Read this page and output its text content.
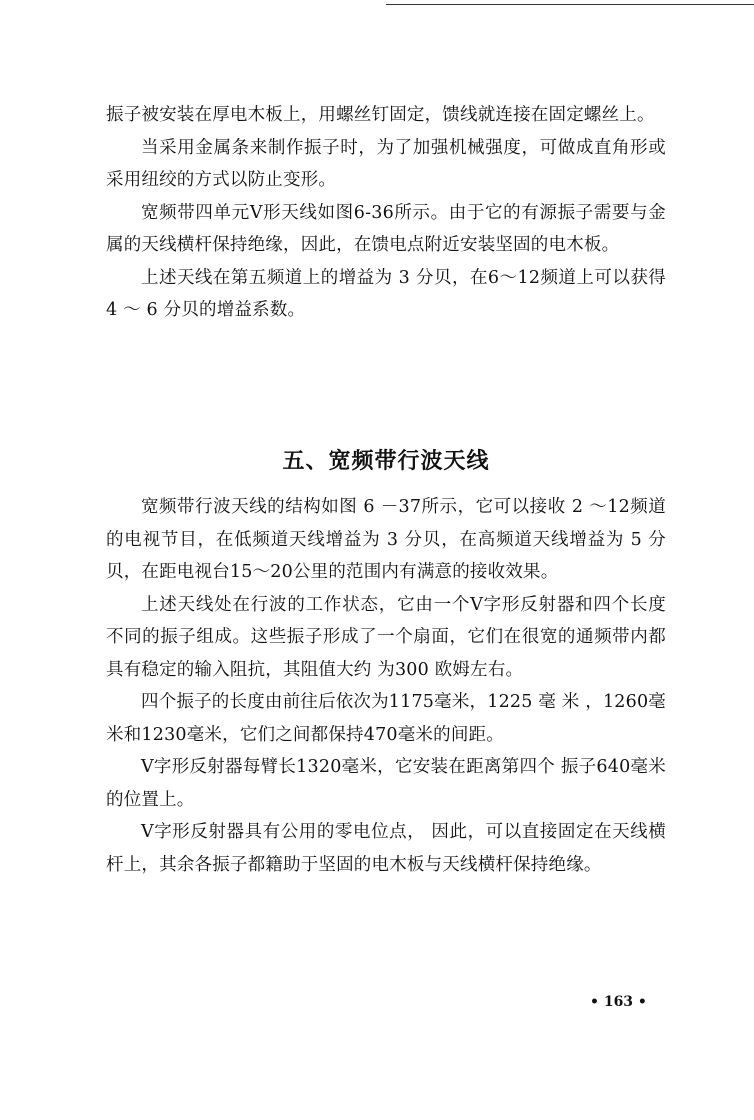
振子被安装在厚电木板上，用螺丝钉固定，馈线就连接在固定螺丝上。

当采用金属条来制作振子时，为了加强机械强度，可做成直角形或采用纽绞的方式以防止变形。

宽频带四单元V形天线如图6-36所示。由于它的有源振子需要与金属的天线横杆保持绝缘，因此，在馈电点附近安装坚固的电木板。

上述天线在第五频道上的增益为 3 分贝，在6～12频道上可以获得 4 ～ 6 分贝的增益系数。

五、宽频带行波天线

宽频带行波天线的结构如图 6 －37所示，它可以接收 2 ～12频道的电视节目，在低频道天线增益为 3 分贝，在高频道天线增益为 5 分贝，在距电视台15～20公里的范围内有满意的接收效果。

上述天线处在行波的工作状态，它由一个V字形反射器和四个长度不同的振子组成。这些振子形成了一个扇面，它们在很宽的通频带内都具有稳定的输入阻抗，其阻值大约 为300 欧姆左右。

四个振子的长度由前往后依次为1175毫米，1225 毫 米 ，1260毫米和1230毫米，它们之间都保持470毫米的间距。

V字形反射器每臂长1320毫米，它安装在距离第四个 振子640毫米的位置上。

V字形反射器具有公用的零电位点， 因此，可以直接固定在天线横杆上，其余各振子都籍助于坚固的电木板与天线横杆保持绝缘。

• 163 •
